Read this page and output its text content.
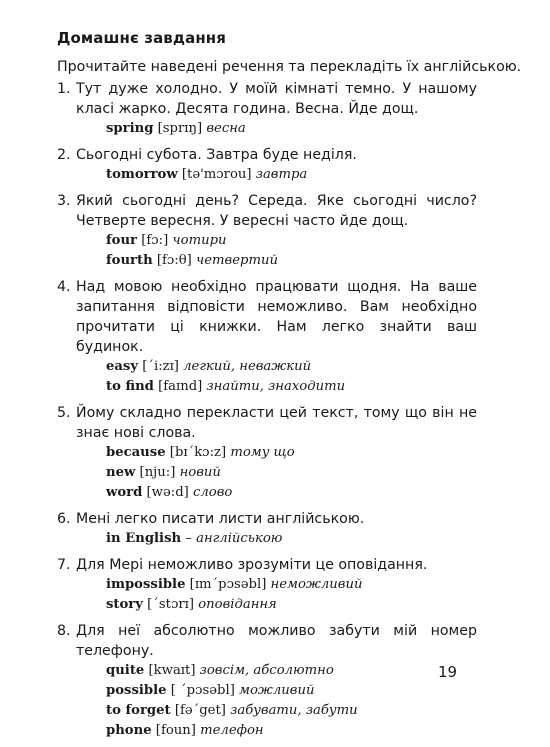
Домашнє завдання

Прочитайте наведені речення та перекладіть їх англійською.

1. Тут дуже холодно. У моїй кімнаті темно. У нашому класі жарко. Десята година. Весна. Йде дощ.
spring [sprɪŋ] весна
2. Сьогодні субота. Завтра буде неділя.
tomorrow [tə'mɔrou] завтра
3. Який сьогодні день? Середа. Яке сьогодні число? Четверте вересня. У вересні часто йде дощ.
four [fɔ:] чотири
fourth [fɔ:θ] четвертий
4. Над мовою необхідно працювати щодня. На ваше запитання відповісти неможливо. Вам необхідно прочитати ці книжки. Нам легко знайти ваш будинок.
easy [ˊi:zɪ] легкий, неважкий
to find [faɪnd] знайти, знаходити
5. Йому складно перекласти цей текст, тому що він не знає нові слова.
because [bɪˊkɔ:z] тому що
new [nju:] новий
word [wə:d] слово
6. Мені легко писати листи англійською.
in English – англійською
7. Для Мері неможливо зрозуміти це оповідання.
impossible [ɪmˊpɔsəbl] неможливий
story [ˊstɔrɪ] оповідання
8. Для неї абсолютно можливо забути мій номер телефону.
quite [kwaɪt] зовсім, абсолютно
possible [ ˊpɔsəbl] можливий
to forget [fəˊget] забувати, забути
phone [foun] телефон
19
